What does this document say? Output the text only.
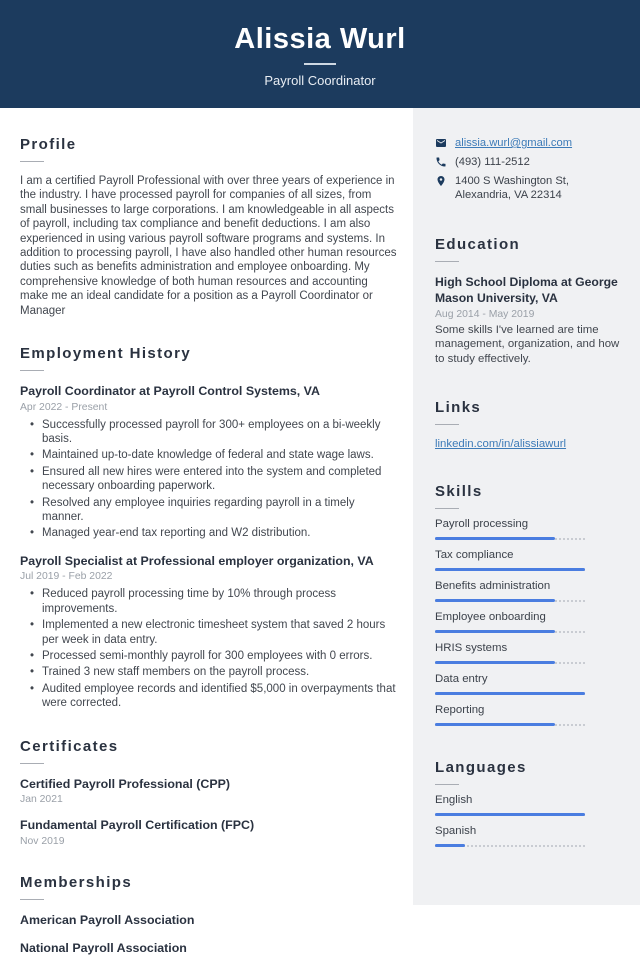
Alissia Wurl
Payroll Coordinator
Profile

I am a certified Payroll Professional with over three years of experience in the industry. I have processed payroll for companies of all sizes, from small businesses to large corporations. I am knowledgeable in all aspects of payroll, including tax compliance and benefit deductions. I am also experienced in using various payroll software programs and systems. In addition to processing payroll, I have also handled other human resources duties such as benefits administration and employee onboarding. My comprehensive knowledge of both human resources and accounting make me an ideal candidate for a position as a Payroll Coordinator or Manager

Employment History
Payroll Coordinator at Payroll Control Systems, VA
Apr 2022 - Present
• Successfully processed payroll for 300+ employees on a bi-weekly basis.
• Maintained up-to-date knowledge of federal and state wage laws.
• Ensured all new hires were entered into the system and completed necessary onboarding paperwork.
• Resolved any employee inquiries regarding payroll in a timely manner.
• Managed year-end tax reporting and W2 distribution.
Payroll Specialist at Professional employer organization, VA
Jul 2019 - Feb 2022
• Reduced payroll processing time by 10% through process improvements.
• Implemented a new electronic timesheet system that saved 2 hours per week in data entry.
• Processed semi-monthly payroll for 300 employees with 0 errors.
• Trained 3 new staff members on the payroll process.
• Audited employee records and identified $5,000 in overpayments that were corrected.
Certificates
Certified Payroll Professional (CPP)
Jan 2021
Fundamental Payroll Certification (FPC)
Nov 2019
Memberships
American Payroll Association
National Payroll Association
alissia.wurl@gmail.com
(493) 111-2512
1400 S Washington St, Alexandria, VA 22314
Education
High School Diploma at George Mason University, VA
Aug 2014 - May 2019
Some skills I've learned are time management, organization, and how to study effectively.
Links
linkedin.com/in/alissiawurl
Skills
Payroll processing
Tax compliance
Benefits administration
Employee onboarding
HRIS systems
Data entry
Reporting
Languages
English
Spanish
